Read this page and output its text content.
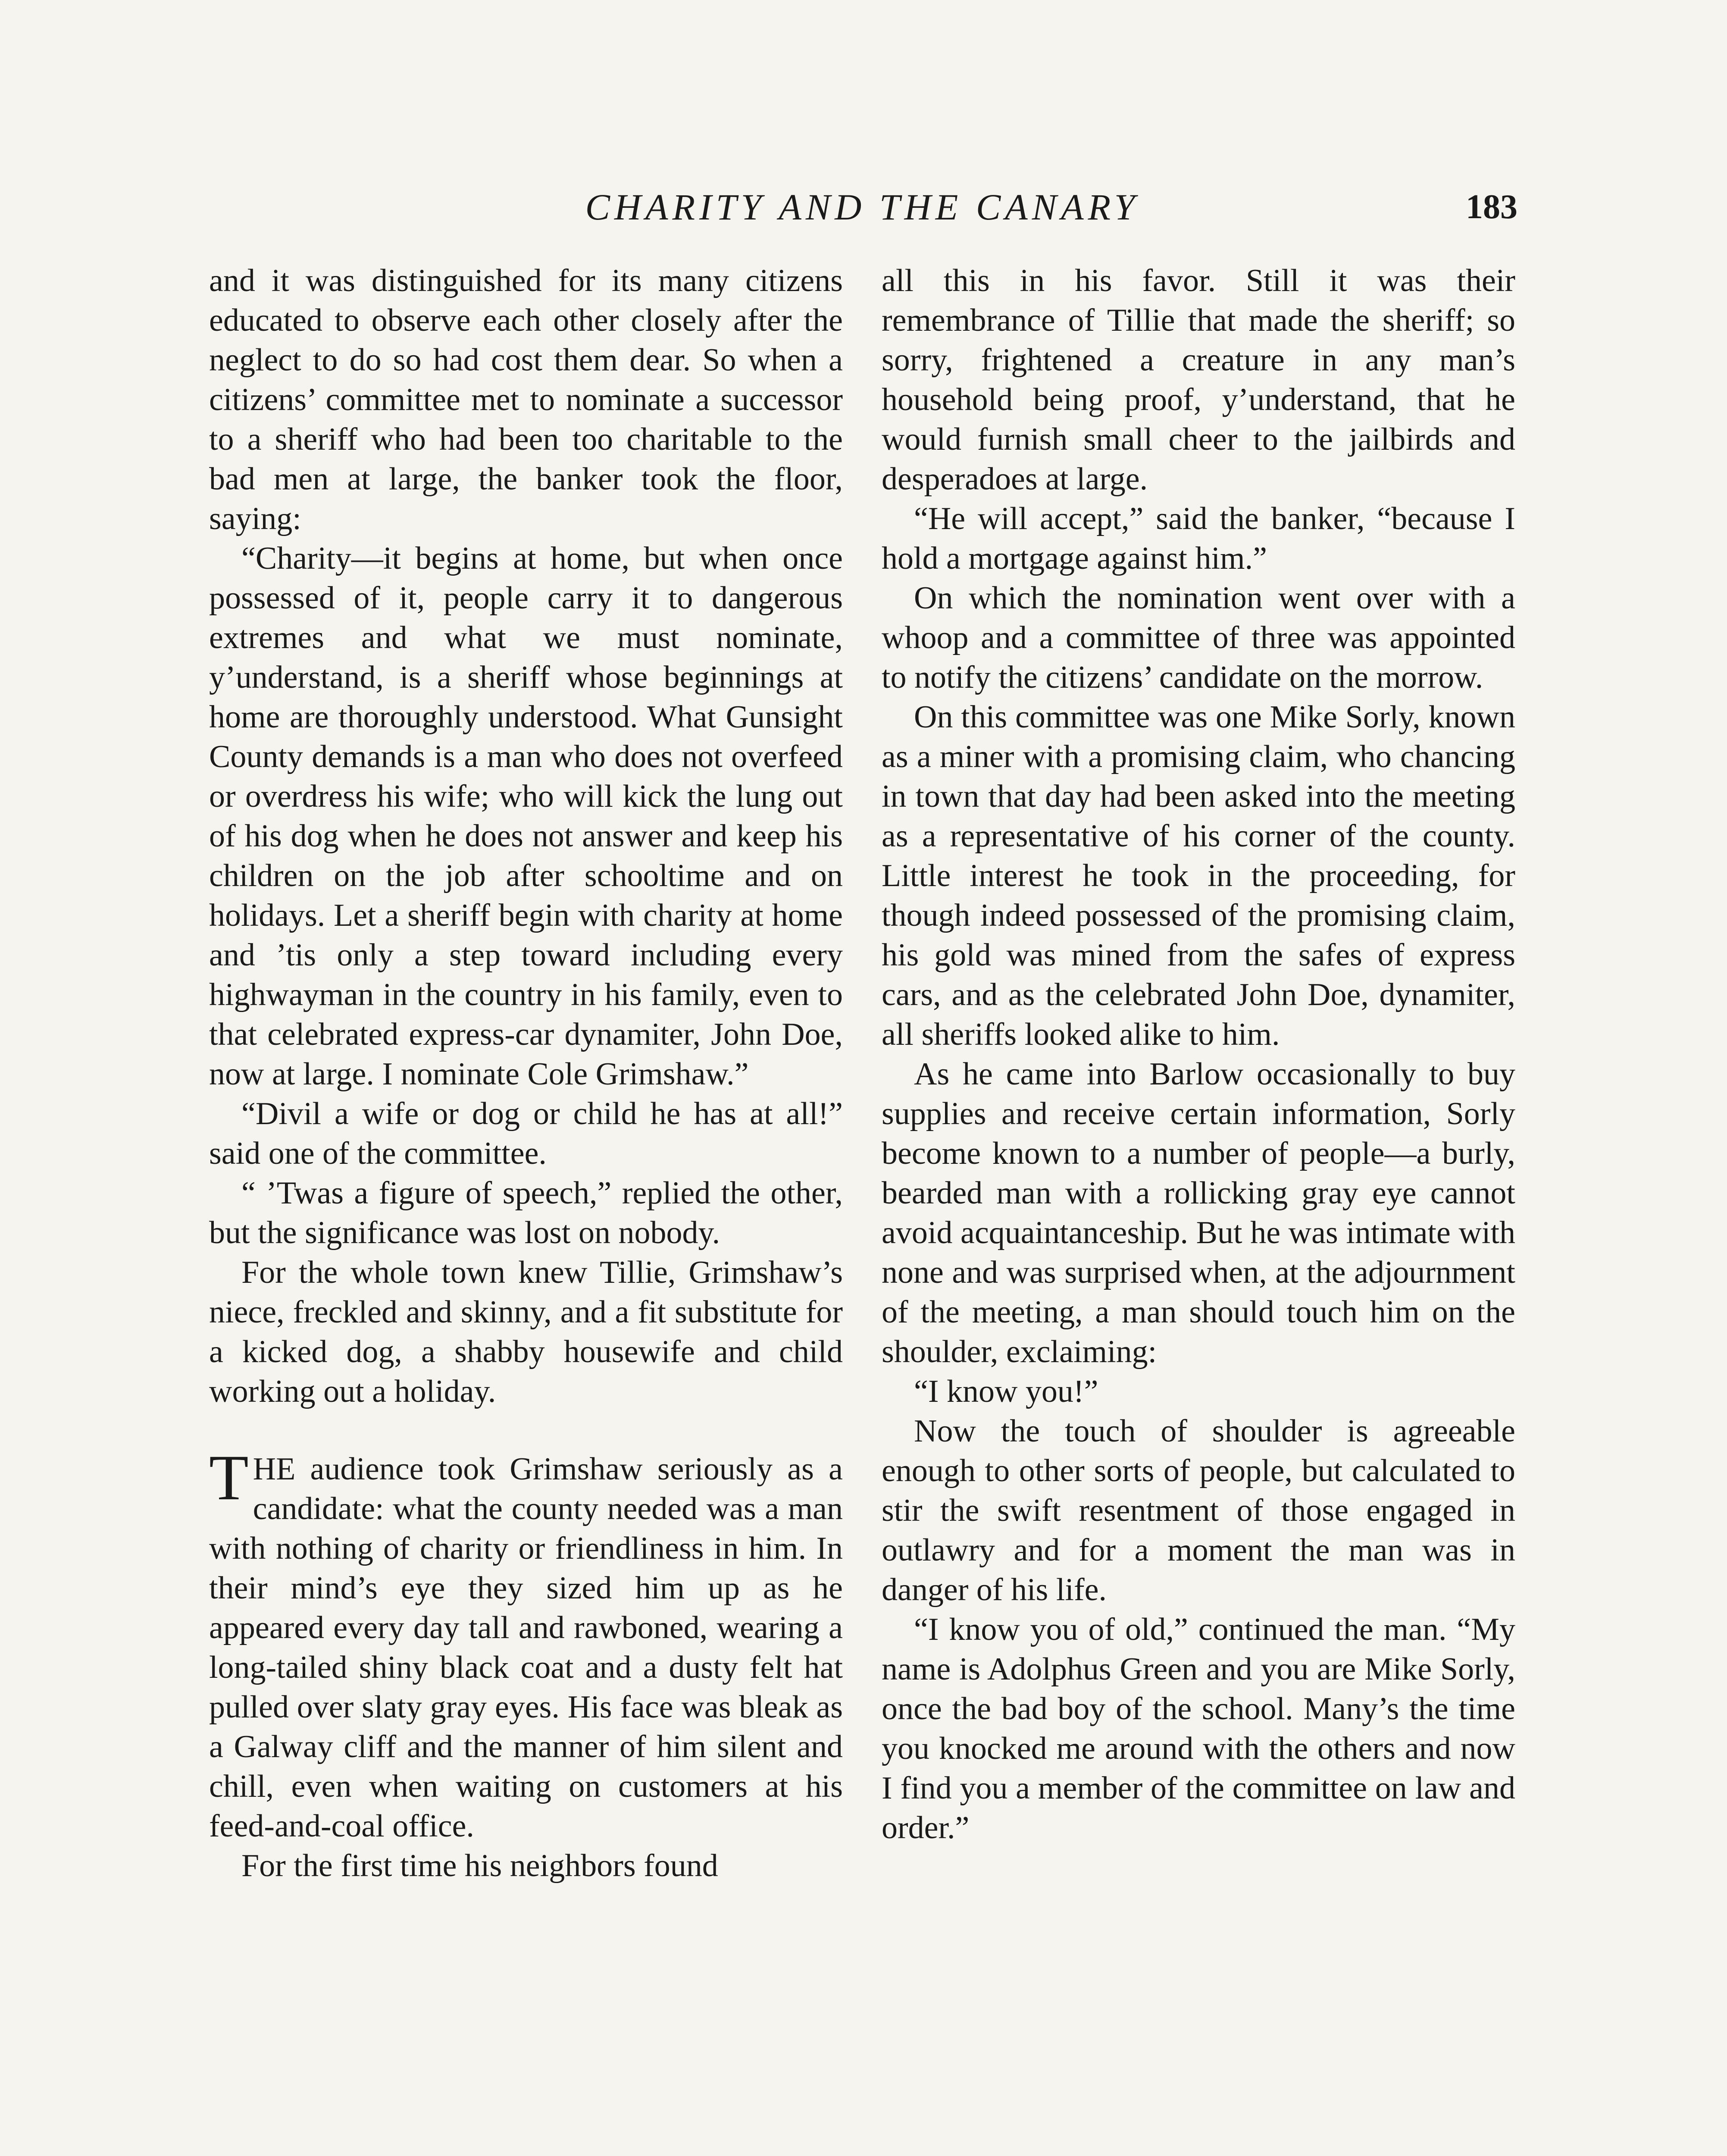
CHARITY AND THE CANARY	183

and it was distinguished for its many citizens educated to observe each other closely after the neglect to do so had cost them dear. So when a citizens’ committee met to nominate a successor to a sheriff who had been too charitable to the bad men at large, the banker took the floor, saying:

“Charity—it begins at home, but when once possessed of it, people carry it to dangerous extremes and what we must nominate, y’understand, is a sheriff whose beginnings at home are thoroughly understood. What Gunsight County demands is a man who does not overfeed or overdress his wife; who will kick the lung out of his dog when he does not answer and keep his children on the job after schooltime and on holidays. Let a sheriff begin with charity at home and ’tis only a step toward including every highwayman in the country in his family, even to that celebrated express-car dynamiter, John Doe, now at large. I nominate Cole Grimshaw.”

“Divil a wife or dog or child he has at all!” said one of the committee.

“ ’Twas a figure of speech,” replied the other, but the significance was lost on nobody.

For the whole town knew Tillie, Grimshaw’s niece, freckled and skinny, and a fit substitute for a kicked dog, a shabby housewife and child working out a holiday.

THE audience took Grimshaw seriously as a candidate: what the county needed was a man with nothing of charity or friendliness in him. In their mind’s eye they sized him up as he appeared every day tall and rawboned, wearing a long-tailed shiny black coat and a dusty felt hat pulled over slaty gray eyes. His face was bleak as a Galway cliff and the manner of him silent and chill, even when waiting on customers at his feed-and-coal office.

For the first time his neighbors found

all this in his favor. Still it was their remembrance of Tillie that made the sheriff; so sorry, frightened a creature in any man’s household being proof, y’understand, that he would furnish small cheer to the jailbirds and desperadoes at large.

“He will accept,” said the banker, “because I hold a mortgage against him.”

On which the nomination went over with a whoop and a committee of three was appointed to notify the citizens’ candidate on the morrow.

On this committee was one Mike Sorly, known as a miner with a promising claim, who chancing in town that day had been asked into the meeting as a representative of his corner of the county. Little interest he took in the proceeding, for though indeed possessed of the promising claim, his gold was mined from the safes of express cars, and as the celebrated John Doe, dynamiter, all sheriffs looked alike to him.

As he came into Barlow occasionally to buy supplies and receive certain information, Sorly become known to a number of people—a burly, bearded man with a rollicking gray eye cannot avoid acquaintanceship. But he was intimate with none and was surprised when, at the adjournment of the meeting, a man should touch him on the shoulder, exclaiming:

“I know you!”

Now the touch of shoulder is agreeable enough to other sorts of people, but calculated to stir the swift resentment of those engaged in outlawry and for a moment the man was in danger of his life.

“I know you of old,” continued the man. “My name is Adolphus Green and you are Mike Sorly, once the bad boy of the school. Many’s the time you knocked me around with the others and now I find you a member of the committee on law and order.”
